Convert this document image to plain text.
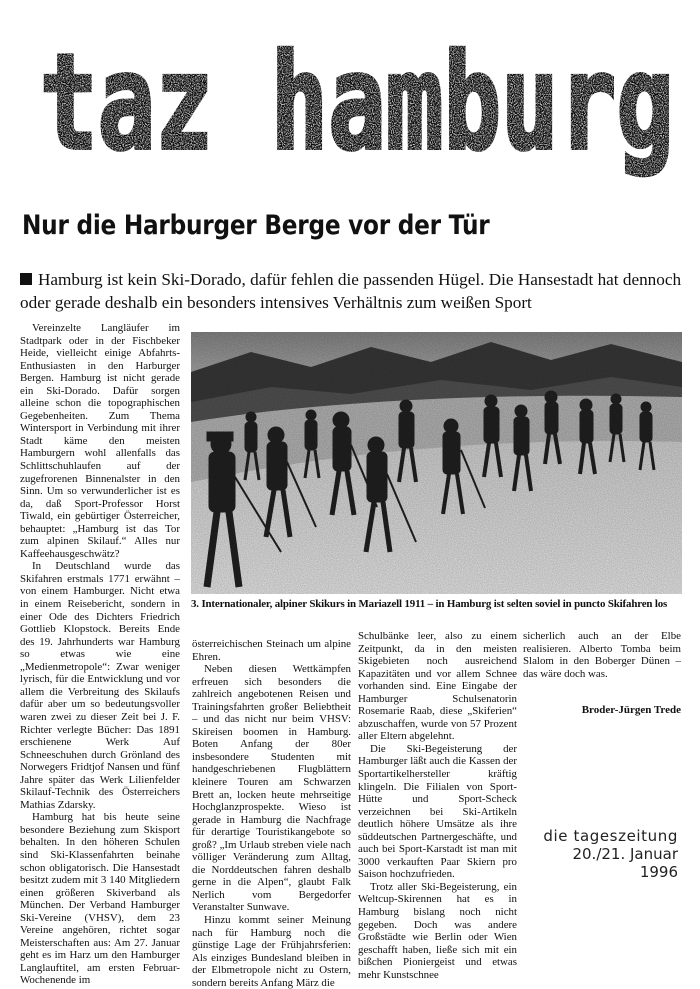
taz hamburg
Nur die Harburger Berge vor der Tür
Hamburg ist kein Ski-Dorado, dafür fehlen die passenden Hügel. Die Hansestadt hat dennoch oder gerade deshalb ein besonders intensives Verhältnis zum weißen Sport

Vereinzelte Langläufer im Stadtpark oder in der Fischbeker Heide, vielleicht einige Abfahrts-Enthusiasten in den Harburger Bergen. Hamburg ist nicht gerade ein Ski-Dorado. Dafür sorgen alleine schon die topographischen Gegebenheiten. Zum Thema Wintersport in Verbindung mit ihrer Stadt käme den meisten Hamburgern wohl allenfalls das Schlittschuhlaufen auf der zugefrorenen Binnenalster in den Sinn. Um so verwunderlicher ist es da, daß Sport-Professor Horst Tiwald, ein gebürtiger Österreicher, behauptet: „Hamburg ist das Tor zum alpinen Skilauf.“ Alles nur Kaffeehausgeschwätz?

In Deutschland wurde das Skifahren erstmals 1771 erwähnt – von einem Hamburger. Nicht etwa in einem Reisebericht, sondern in einer Ode des Dichters Friedrich Gottlieb Klopstock. Bereits Ende des 19. Jahrhunderts war Hamburg so etwas wie eine „Medienmetropole“: Zwar weniger lyrisch, für die Entwicklung und vor allem die Verbreitung des Skilaufs dafür aber um so bedeutungsvoller waren zwei zu dieser Zeit bei J. F. Richter verlegte Bücher: Das 1891 erschienene Werk Auf Schneeschuhen durch Grönland des Norwegers Fridtjof Nansen und fünf Jahre später das Werk Lilienfelder Skilauf-Technik des Österreichers Mathias Zdarsky.

Hamburg hat bis heute seine besondere Beziehung zum Skisport behalten. In den höheren Schulen sind Ski-Klassenfahrten beinahe schon obligatorisch. Die Hansestadt besitzt zudem mit 3 140 Mitgliedern einen größeren Skiverband als München. Der Verband Hamburger Ski-Vereine (VHSV), dem 23 Vereine angehören, richtet sogar Meisterschaften aus: Am 27. Januar geht es im Harz um den Hamburger Langlauftitel, am ersten Februar-Wochenende im

3. Internationaler, alpiner Skikurs in Mariazell 1911 – in Hamburg ist selten soviel in puncto Skifahren los

österreichischen Steinach um alpine Ehren.

Neben diesen Wettkämpfen erfreuen sich besonders die zahlreich angebotenen Reisen und Trainingsfahrten großer Beliebtheit – und das nicht nur beim VHSV: Skireisen boomen in Hamburg. Boten Anfang der 80er insbesondere Studenten mit handgeschriebenen Flugblättern kleinere Touren am Schwarzen Brett an, locken heute mehrseitige Hochglanzprospekte. Wieso ist gerade in Hamburg die Nachfrage für derartige Touristikangebote so groß? „Im Urlaub streben viele nach völliger Veränderung zum Alltag, die Norddeutschen fahren deshalb gerne in die Alpen“, glaubt Falk Nerlich vom Bergedorfer Veranstalter Sunwave.

Hinzu kommt seiner Meinung nach für Hamburg noch die günstige Lage der Frühjahrsferien: Als einziges Bundesland bleiben in der Elbmetropole nicht zu Ostern, sondern bereits Anfang März die

Schulbänke leer, also zu einem Zeitpunkt, da in den meisten Skigebieten noch ausreichend Kapazitäten und vor allem Schnee vorhanden sind. Eine Eingabe der Hamburger Schulsenatorin Rosemarie Raab, diese „Skiferien“ abzuschaffen, wurde von 57 Prozent aller Eltern abgelehnt.

Die Ski-Begeisterung der Hamburger läßt auch die Kassen der Sportartikelhersteller kräftig klingeln. Die Filialen von Sport-Hütte und Sport-Scheck verzeichnen bei Ski-Artikeln deutlich höhere Umsätze als ihre süddeutschen Partnergeschäfte, und auch bei Sport-Karstadt ist man mit 3000 verkauften Paar Skiern pro Saison hochzufrieden.

Trotz aller Ski-Begeisterung, ein Weltcup-Skirennen hat es in Hamburg bislang noch nicht gegeben. Doch was andere Großstädte wie Berlin oder Wien geschafft haben, ließe sich mit ein bißchen Pioniergeist und etwas mehr Kunstschnee

sicherlich auch an der Elbe realisieren. Alberto Tomba beim Slalom in den Boberger Dünen – das wäre doch was.

Broder-Jürgen Trede
die tageszeitung
20./21. Januar 1996
